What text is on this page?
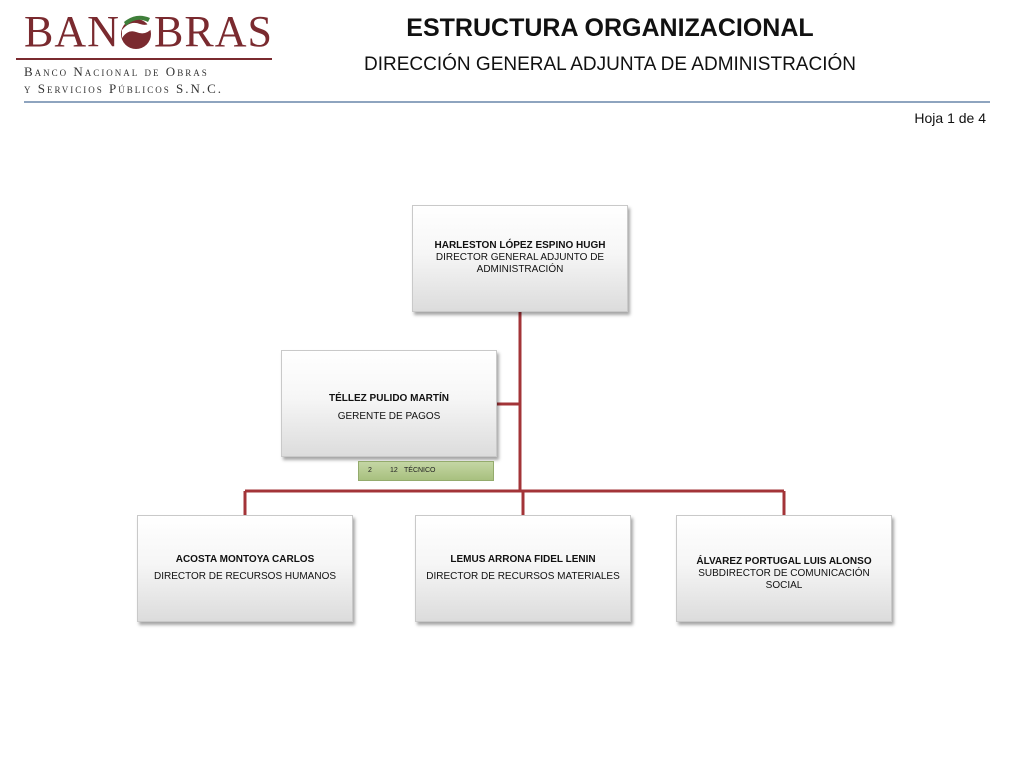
BAN BRAS
Banco Nacional de Obras
y Servicios Públicos S.N.C.
ESTRUCTURA ORGANIZACIONAL
DIRECCIÓN GENERAL ADJUNTA DE ADMINISTRACIÓN
Hoja 1 de 4
HARLESTON LÓPEZ ESPINO HUGH
DIRECTOR GENERAL ADJUNTO DE ADMINISTRACIÓN
TÉLLEZ PULIDO MARTÍN
GERENTE DE PAGOS
2	12 TÉCNICO
ACOSTA MONTOYA CARLOS
DIRECTOR DE RECURSOS HUMANOS
LEMUS ARRONA FIDEL LENIN
DIRECTOR DE RECURSOS MATERIALES
ÁLVAREZ PORTUGAL LUIS ALONSO
SUBDIRECTOR DE COMUNICACIÓN SOCIAL
